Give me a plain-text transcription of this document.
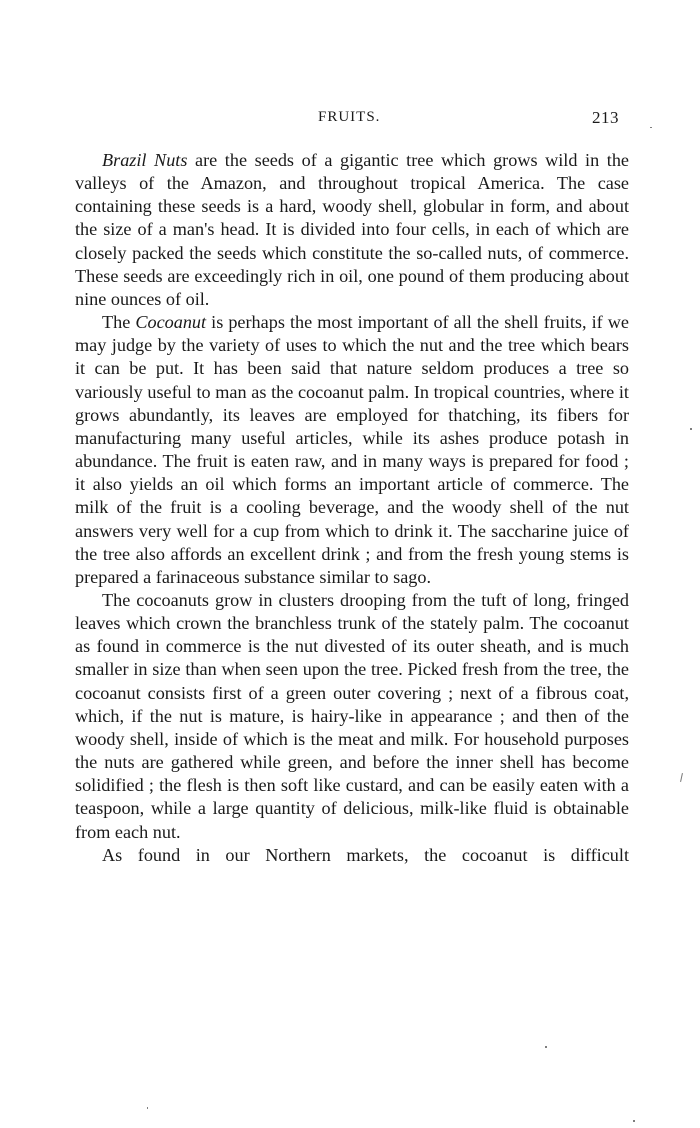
FRUITS.	213

Brazil Nuts are the seeds of a gigantic tree which grows wild in the valleys of the Amazon, and throughout tropical America. The case containing these seeds is a hard, woody shell, globular in form, and about the size of a man's head. It is divided into four cells, in each of which are closely packed the seeds which constitute the so-called nuts, of commerce. These seeds are exceedingly rich in oil, one pound of them producing about nine ounces of oil.

The Cocoanut is perhaps the most important of all the shell fruits, if we may judge by the variety of uses to which the nut and the tree which bears it can be put. It has been said that nature seldom produces a tree so variously useful to man as the cocoanut palm. In tropical countries, where it grows abundantly, its leaves are employed for thatching, its fibers for manufacturing many useful articles, while its ashes produce potash in abundance. The fruit is eaten raw, and in many ways is prepared for food ; it also yields an oil which forms an important article of commerce. The milk of the fruit is a cooling beverage, and the woody shell of the nut answers very well for a cup from which to drink it. The saccharine juice of the tree also affords an excellent drink ; and from the fresh young stems is prepared a farinaceous substance similar to sago.

The cocoanuts grow in clusters drooping from the tuft of long, fringed leaves which crown the branchless trunk of the stately palm. The cocoanut as found in commerce is the nut divested of its outer sheath, and is much smaller in size than when seen upon the tree. Picked fresh from the tree, the cocoanut consists first of a green outer covering ; next of a fibrous coat, which, if the nut is mature, is hairy-like in appearance ; and then of the woody shell, inside of which is the meat and milk. For household purposes the nuts are gathered while green, and before the inner shell has become solidified ; the flesh is then soft like custard, and can be easily eaten with a teaspoon, while a large quantity of delicious, milk-like fluid is obtainable from each nut.

As found in our Northern markets, the cocoanut is difficult
